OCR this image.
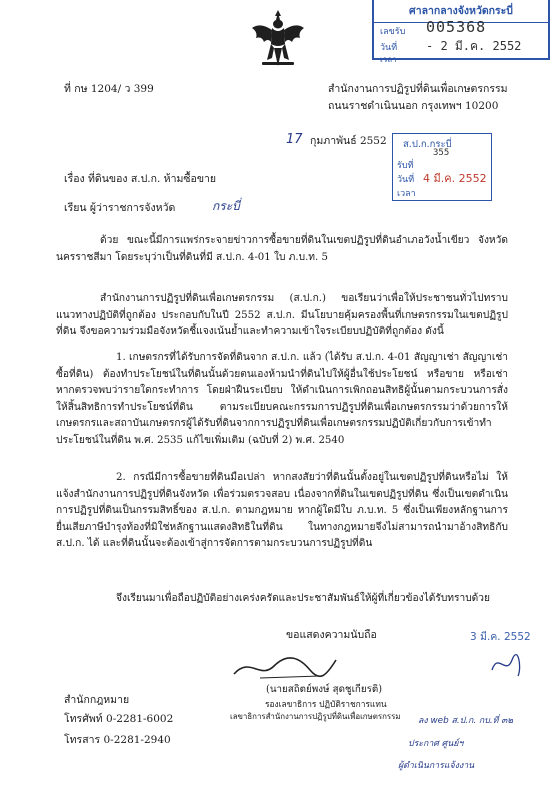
ศาลากลางจังหวัดกระบี่
เลขรับ 005368
วันที่ - 2 มี.ค. 2552
เวลา
ที่ กษ 1204/ ว 399	สำนักงานการปฏิรูปที่ดินเพื่อเกษตรกรรม
ถนนราชดำเนินนอก กรุงเทพฯ 10200
17 กุมภาพันธ์ 2552 ส.ป.ก.กระบี่
355
รับที่
วันที่ 4 มี.ค. 2552
เวลา
เรื่อง ที่ดินของ ส.ป.ก. ห้ามซื้อขาย
เรียน ผู้ว่าราชการจังหวัด	กระบี่
ด้วย ขณะนี้มีการแพร่กระจายข่าวการซื้อขายที่ดินในเขตปฏิรูปที่ดินอำเภอวังน้ำเขียว จังหวัดนครราชสีมา โดยระบุว่าเป็นที่ดินที่มี ส.ป.ก. 4-01 ใบ ภ.บ.ท. 5
สำนักงานการปฏิรูปที่ดินเพื่อเกษตรกรรม (ส.ป.ก.) ขอเรียนว่าเพื่อให้ประชาชนทั่วไปทราบแนวทางปฏิบัติที่ถูกต้อง ประกอบกับในปี 2552 ส.ป.ก. มีนโยบายคุ้มครองพื้นที่เกษตรกรรมในเขตปฏิรูปที่ดิน จึงขอความร่วมมือจังหวัดชี้แจงเน้นย้ำและทำความเข้าใจระเบียบปฏิบัติที่ถูกต้อง ดังนี้
1. เกษตรกรที่ได้รับการจัดที่ดินจาก ส.ป.ก. แล้ว (ได้รับ ส.ป.ก. 4-01 สัญญาเช่า สัญญาเช่าซื้อที่ดิน) ต้องทำประโยชน์ในที่ดินนั้นด้วยตนเองห้ามนำที่ดินไปให้ผู้อื่นใช้ประโยชน์ หรือขาย หรือเช่า หากตรวจพบว่ารายใดกระทำการ โดยฝ่าฝืนระเบียบ ให้ดำเนินการเพิกถอนสิทธิผู้นั้นตามกระบวนการสั่งให้สิ้นสิทธิการทำประโยชน์ที่ดิน ตามระเบียบคณะกรรมการปฏิรูปที่ดินเพื่อเกษตรกรรมว่าด้วยการให้เกษตรกรและสถาบันเกษตรกรผู้ได้รับที่ดินจากการปฏิรูปที่ดินเพื่อเกษตรกรรมปฏิบัติเกี่ยวกับการเข้าทำประโยชน์ในที่ดิน พ.ศ. 2535 แก้ไขเพิ่มเติม (ฉบับที่ 2) พ.ศ. 2540
2. กรณีมีการซื้อขายที่ดินมือเปล่า หากสงสัยว่าที่ดินนั้นตั้งอยู่ในเขตปฏิรูปที่ดินหรือไม่ ให้แจ้งสำนักงานการปฏิรูปที่ดินจังหวัด เพื่อร่วมตรวจสอบ เนื่องจากที่ดินในเขตปฏิรูปที่ดิน ซึ่งเป็นเขตดำเนินการปฏิรูปที่ดินเป็นกรรมสิทธิ์ของ ส.ป.ก. ตามกฎหมาย หากผู้ใดมีใบ ภ.บ.ท. 5 ซึ่งเป็นเพียงหลักฐานการยื่นเสียภาษีบำรุงท้องที่มิใช่หลักฐานแสดงสิทธิในที่ดิน ในทางกฎหมายจึงไม่สามารถนำมาอ้างสิทธิกับ ส.ป.ก. ได้ และที่ดินนั้นจะต้องเข้าสู่การจัดการตามกระบวนการปฏิรูปที่ดิน
จึงเรียนมาเพื่อถือปฏิบัติอย่างเคร่งครัดและประชาสัมพันธ์ให้ผู้ที่เกี่ยวข้องได้รับทราบด้วย
ขอแสดงความนับถือ	3 มี.ค. 2552
(นายสถิตย์พงษ์ สุดชูเกียรติ)
รองเลขาธิการ ปฏิบัติราชการแทน
เลขาธิการสำนักงานการปฏิรูปที่ดินเพื่อเกษตรกรรม
สำนักกฎหมาย
โทรศัพท์ 0-2281-6002
โทรสาร 0-2281-2940
ลง web ส.ป.ก. กบ.ที่ ๓๒
ประกาศ ศูนย์ฯ
ผู้ดำเนินการแจ้งงาน
